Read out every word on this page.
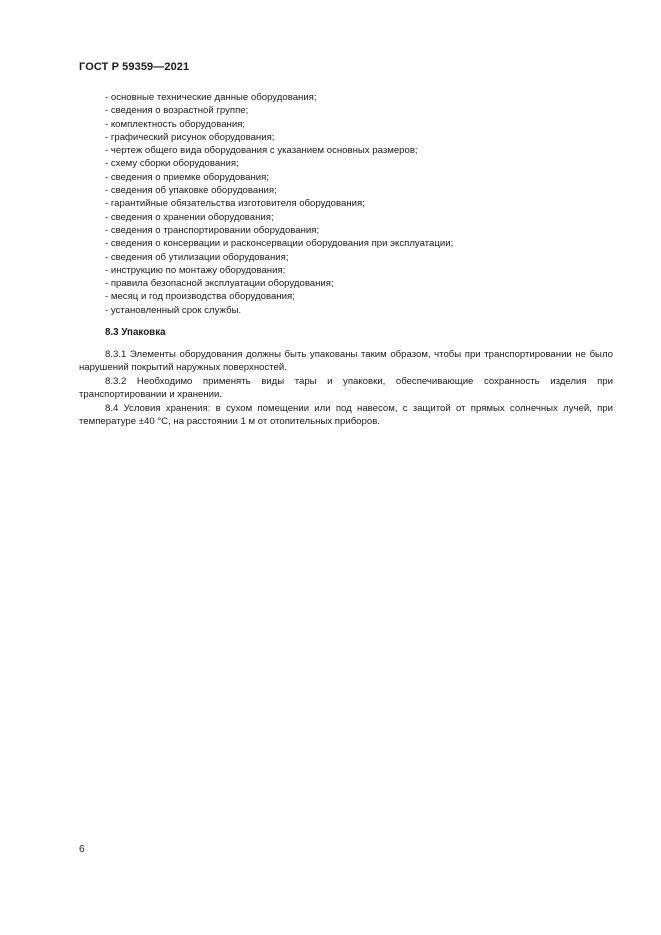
ГОСТ Р 59359—2021
- основные технические данные оборудования;
- сведения о возрастной группе;
- комплектность оборудования;
- графический рисунок оборудования;
- чертеж общего вида оборудования с указанием основных размеров;
- схему сборки оборудования;
- сведения о приемке оборудования;
- сведения об упаковке оборудования;
- гарантийные обязательства изготовителя оборудования;
- сведения о хранении оборудования;
- сведения о транспортировании оборудования;
- сведения о консервации и расконсервации оборудования при эксплуатации;
- сведения об утилизации оборудования;
- инструкцию по монтажу оборудования;
- правила безопасной эксплуатации оборудования;
- месяц и год производства оборудования;
- установленный срок службы.
8.3 Упаковка

8.3.1 Элементы оборудования должны быть упакованы таким образом, чтобы при транспортировании не было нарушений покрытий наружных поверхностей.

8.3.2 Необходимо применять виды тары и упаковки, обеспечивающие сохранность изделия при транспортировании и хранении.

8.4 Условия хранения: в сухом помещении или под навесом, с защитой от прямых солнечных лучей, при температуре ±40 °С, на расстоянии 1 м от отопительных приборов.

6
